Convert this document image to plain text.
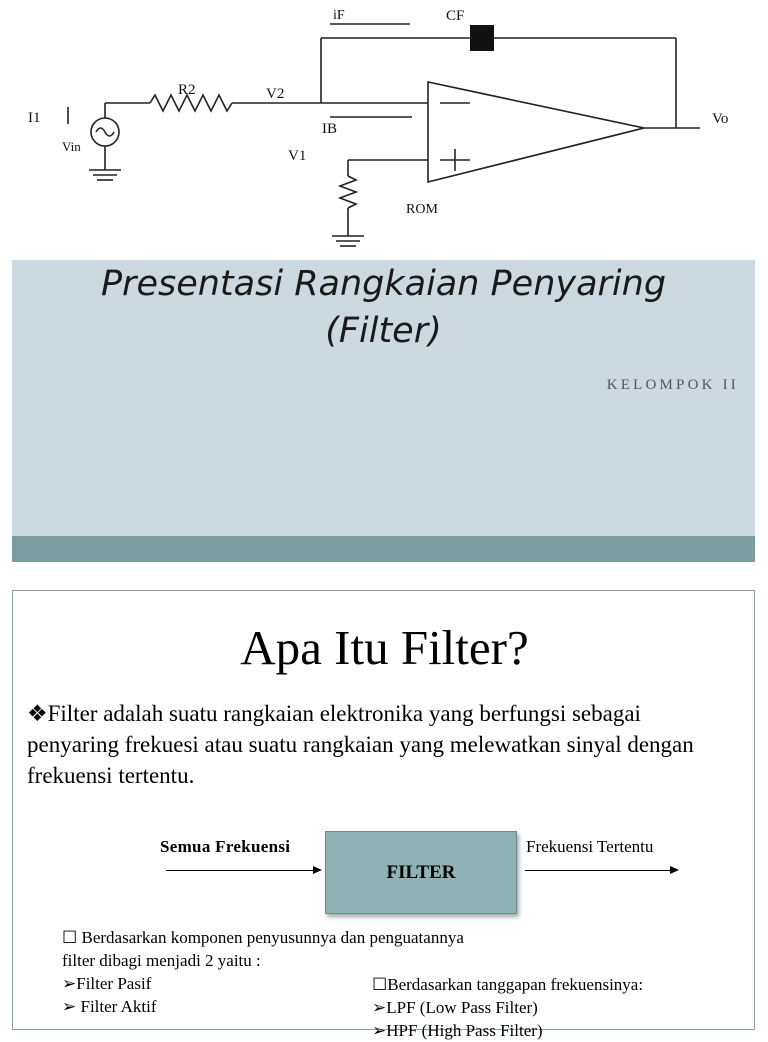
iF	CF
R2	V2
I1
Vin
IB
V1
Vo
ROM
Presentasi Rangkaian Penyaring
(Filter)
KELOMPOK II
Apa Itu Filter?
❖Filter adalah suatu rangkaian elektronika yang berfungsi sebagai penyaring frekuesi atau suatu rangkaian yang melewatkan sinyal dengan frekuensi tertentu.
Semua Frekuensi
FILTER
Frekuensi Tertentu
☐ Berdasarkan komponen penyusunnya dan penguatannya
filter dibagi menjadi 2 yaitu :
➢Filter Pasif
➢ Filter Aktif
☐Berdasarkan tanggapan frekuensinya:
➢LPF (Low Pass Filter)
➢HPF (High Pass Filter)
